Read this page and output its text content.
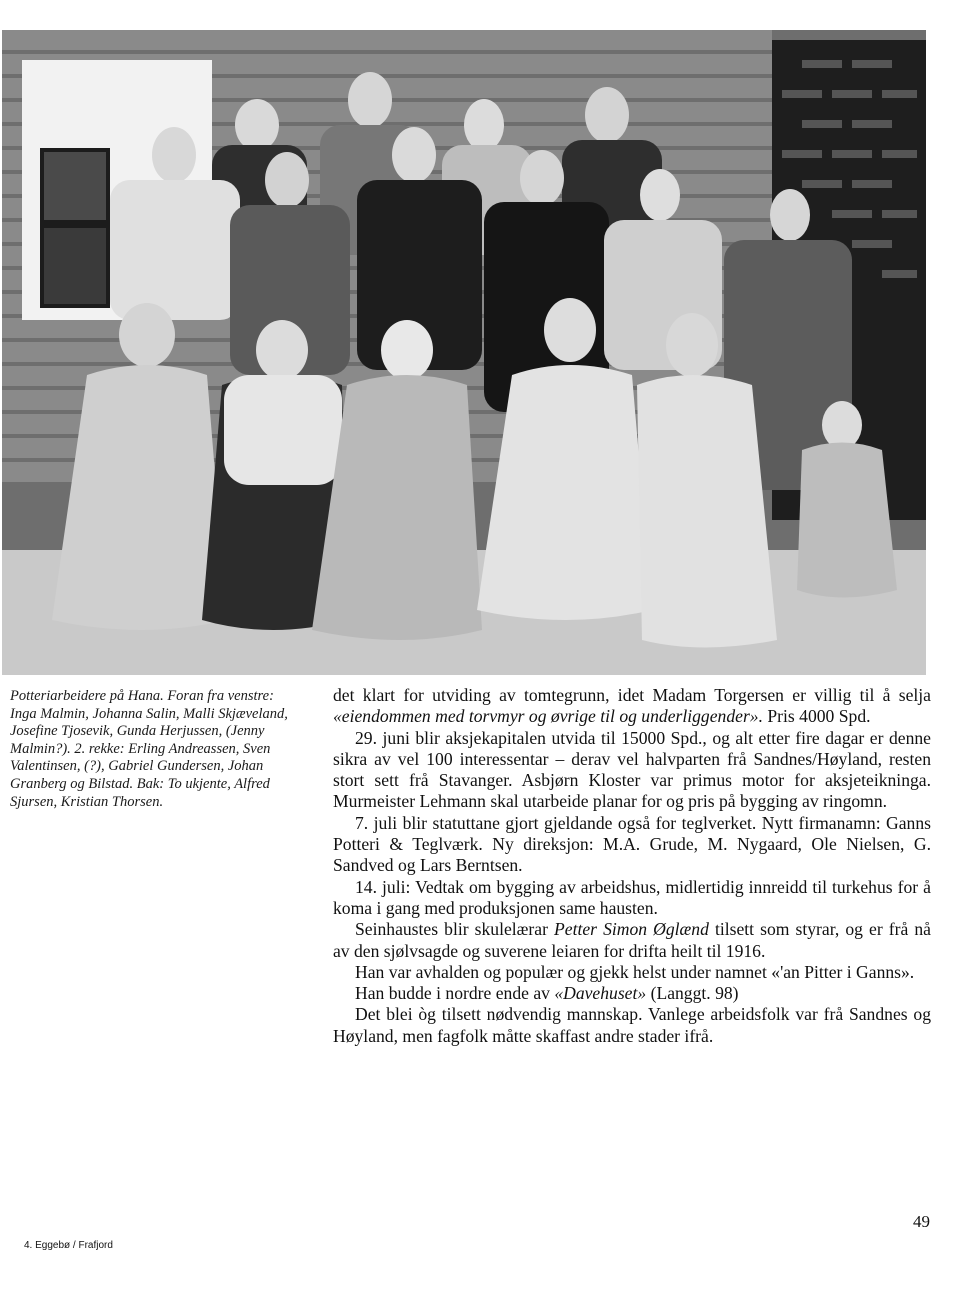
Potteriarbeidere på Hana. Foran fra venstre: Inga Malmin, Johanna Salin, Malli Skjæveland, Josefine Tjosevik, Gunda Herjussen, (Jenny Malmin?). 2. rekke: Erling Andreassen, Sven Valentinsen, (?), Gabriel Gundersen, Johan Granberg og Bilstad. Bak: To ukjente, Alfred Sjursen, Kristian Thorsen.

det klart for utviding av tomtegrunn, idet Madam Torgersen er villig til å selja «eiendommen med torvmyr og øvrige til og underliggender». Pris 4000 Spd.

29. juni blir aksjekapitalen utvida til 15000 Spd., og alt etter fire dagar er denne sikra av vel 100 interessentar – derav vel halvparten frå Sandnes/Høyland, resten stort sett frå Stavanger. Asbjørn Kloster var primus motor for aksjeteikninga. Murmeister Lehmann skal utarbeide planar for og pris på bygging av ringomn.

7. juli blir statuttane gjort gjeldande også for teglverket. Nytt firmanamn: Ganns Potteri & Teglværk. Ny direksjon: M.A. Grude, M. Nygaard, Ole Nielsen, G. Sandved og Lars Berntsen.

14. juli: Vedtak om bygging av arbeidshus, midlertidig innreidd til turkehus for å koma i gang med produksjonen same hausten.

Seinhaustes blir skulelærar Petter Simon Øglænd tilsett som styrar, og er frå nå av den sjølvsagde og suverene leiaren for drifta heilt til 1916.

Han var avhalden og populær og gjekk helst under namnet «'an Pitter i Ganns».

Han budde i nordre ende av «Davehuset» (Langgt. 98)

Det blei òg tilsett nødvendig mannskap. Vanlege arbeidsfolk var frå Sandnes og Høyland, men fagfolk måtte skaffast andre stader ifrå.

49
4. Eggebø / Frafjord
